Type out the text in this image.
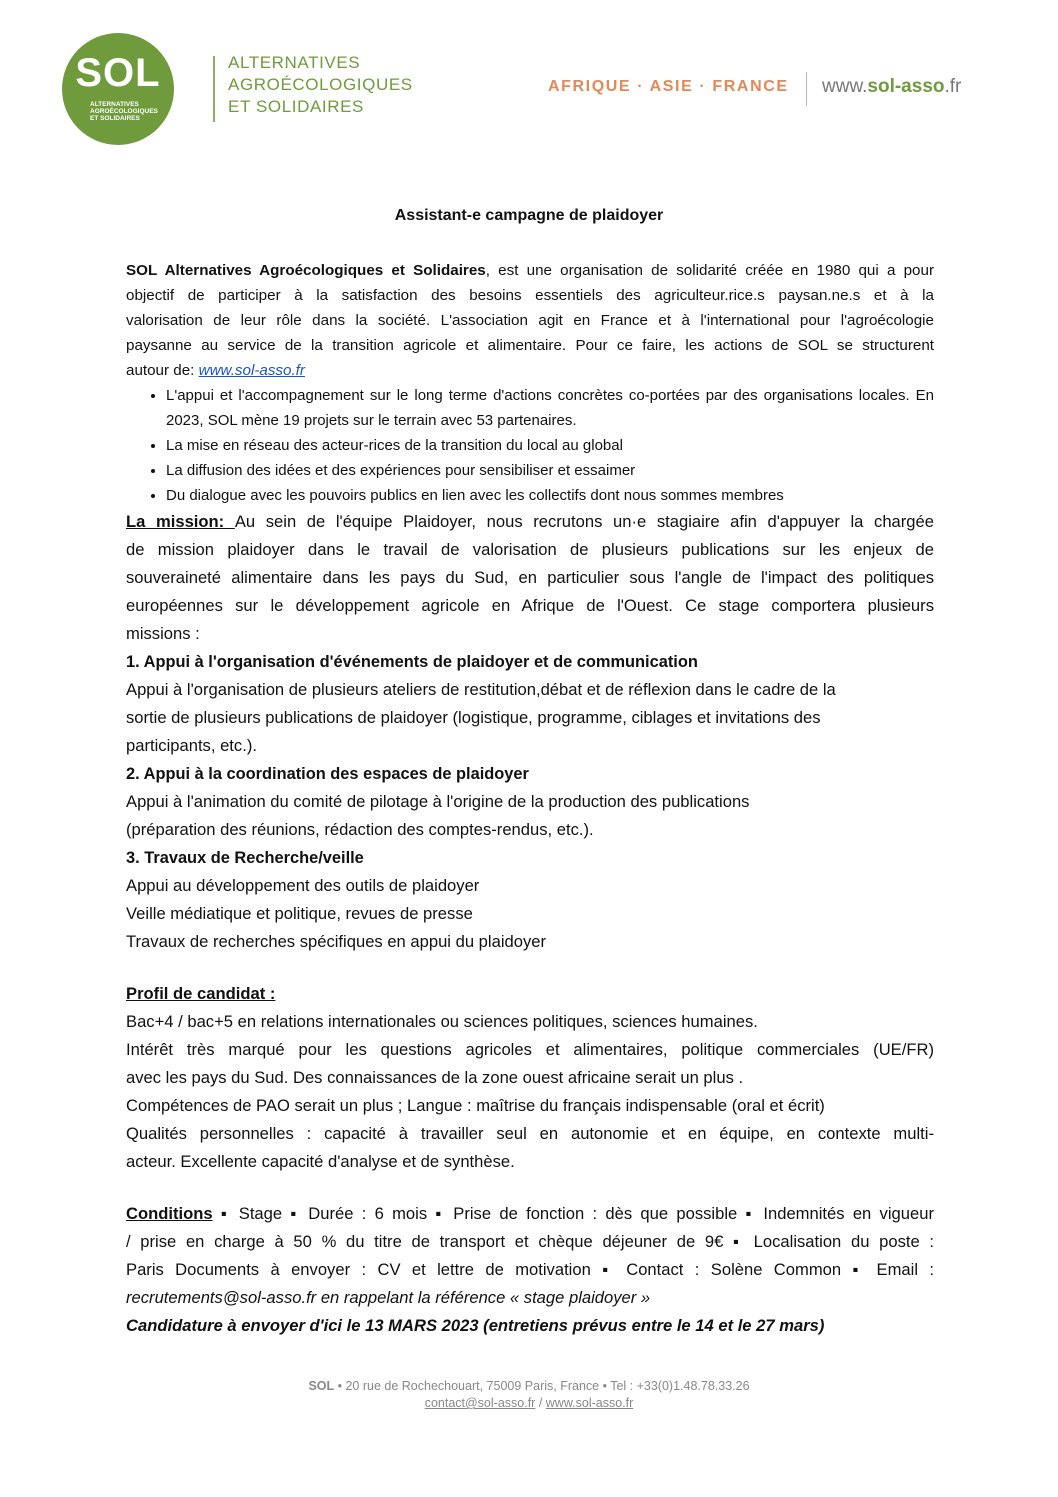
SOL
ALTERNATIVES
AGROÉCOLOGIQUES
ET SOLIDAIRES
ALTERNATIVES
AGROÉCOLOGIQUES
ET SOLIDAIRES
AFRIQUE · ASIE · FRANCE www.sol-asso.fr
Assistant-e campagne de plaidoyer

SOL Alternatives Agroécologiques et Solidaires, est une organisation de solidarité créée en 1980 qui a pour

objectif de participer à la satisfaction des besoins essentiels des agriculteur.rice.s paysan.ne.s et à la

valorisation de leur rôle dans la société. L'association agit en France et à l'international pour l'agroécologie

paysanne au service de la transition agricole et alimentaire. Pour ce faire, les actions de SOL se structurent

autour de: www.sol-asso.fr

• L'appui et l'accompagnement sur le long terme d'actions concrètes co-portées par des organisations locales. En 2023, SOL mène 19 projets sur le terrain avec 53 partenaires.
• La mise en réseau des acteur-rices de la transition du local au global
• La diffusion des idées et des expériences pour sensibiliser et essaimer
• Du dialogue avec les pouvoirs publics en lien avec les collectifs dont nous sommes membres

La mission: Au sein de l'équipe Plaidoyer, nous recrutons un·e stagiaire afin d'appuyer la chargée

de mission plaidoyer dans le travail de valorisation de plusieurs publications sur les enjeux de

souveraineté alimentaire dans les pays du Sud, en particulier sous l'angle de l'impact des politiques

européennes sur le développement agricole en Afrique de l'Ouest. Ce stage comportera plusieurs

missions :

1. Appui à l'organisation d'événements de plaidoyer et de communication

Appui à l'organisation de plusieurs ateliers de restitution,débat et de réflexion dans le cadre de la

sortie de plusieurs publications de plaidoyer (logistique, programme, ciblages et invitations des

participants, etc.).

2. Appui à la coordination des espaces de plaidoyer

Appui à l'animation du comité de pilotage à l'origine de la production des publications

(préparation des réunions, rédaction des comptes-rendus, etc.).

3. Travaux de Recherche/veille

Appui au développement des outils de plaidoyer

Veille médiatique et politique, revues de presse

Travaux de recherches spécifiques en appui du plaidoyer

Profil de candidat :

Bac+4 / bac+5 en relations internationales ou sciences politiques, sciences humaines.

Intérêt très marqué pour les questions agricoles et alimentaires, politique commerciales (UE/FR)

avec les pays du Sud. Des connaissances de la zone ouest africaine serait un plus .

Compétences de PAO serait un plus ; Langue : maîtrise du français indispensable (oral et écrit)

Qualités personnelles : capacité à travailler seul en autonomie et en équipe, en contexte multi-

acteur. Excellente capacité d'analyse et de synthèse.

Conditions ▪ Stage ▪ Durée : 6 mois ▪ Prise de fonction : dès que possible ▪ Indemnités en vigueur

/ prise en charge à 50 % du titre de transport et chèque déjeuner de 9€ ▪ Localisation du poste :

Paris Documents à envoyer : CV et lettre de motivation ▪ Contact : Solène Common ▪ Email :

recrutements@sol-asso.fr en rappelant la référence « stage plaidoyer »

Candidature à envoyer d'ici le 13 MARS 2023 (entretiens prévus entre le 14 et le 27 mars)

SOL • 20 rue de Rochechouart, 75009 Paris, France • Tel : +33(0)1.48.78.33.26
contact@sol-asso.fr / www.sol-asso.fr
